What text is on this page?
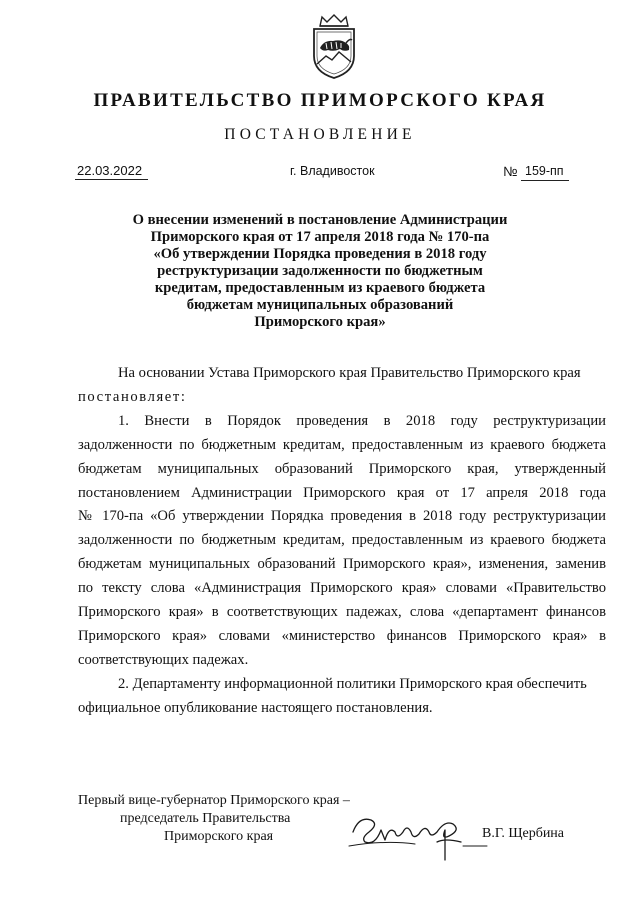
ПРАВИТЕЛЬСТВО ПРИМОРСКОГО КРАЯ
ПОСТАНОВЛЕНИЕ
22.03.2022	г. Владивосток	№ 159-пп
О внесении изменений в постановление Администрации
Приморского края от 17 апреля 2018 года № 170-па
«Об утверждении Порядка проведения в 2018 году
реструктуризации задолженности по бюджетным
кредитам, предоставленным из краевого бюджета
бюджетам муниципальных образований
Приморского края»
На основании Устава Приморского края Правительство Приморского края
постановляет:
1. Внести в Порядок проведения в 2018 году реструктуризации
задолженности по бюджетным кредитам, предоставленным из краевого бюджета
бюджетам муниципальных образований Приморского края, утвержденный
постановлением Администрации Приморского края от 17 апреля 2018 года
№ 170-па «Об утверждении Порядка проведения в 2018 году реструктуризации
задолженности по бюджетным кредитам, предоставленным из краевого бюджета
бюджетам муниципальных образований Приморского края», изменения, заменив
по тексту слова «Администрация Приморского края» словами «Правительство
Приморского края» в соответствующих падежах, слова «департамент финансов
Приморского края» словами «министерство финансов Приморского края» в
соответствующих падежах.
2. Департаменту информационной политики Приморского края обеспечить
официальное опубликование настоящего постановления.
Первый вице-губернатор Приморского края –
председатель Правительства
Приморского края	В.Г. Щербина
